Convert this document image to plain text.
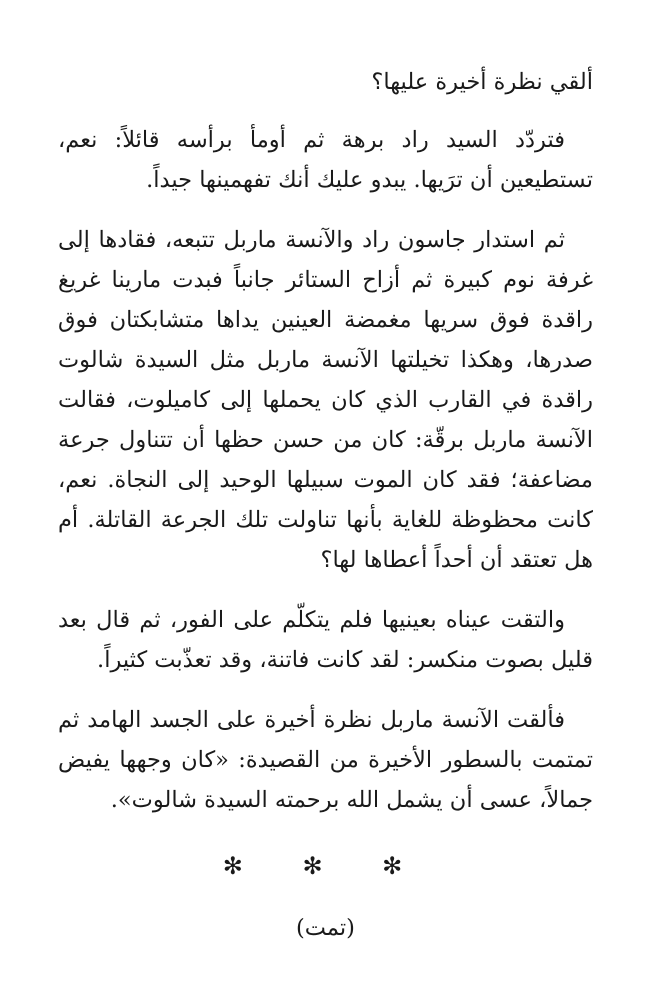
ألقي نظرة أخيرة عليها؟

فتردّد السيد راد برهة ثم أومأ برأسه قائلاً: نعم، تستطيعين أن ترَيها. يبدو عليك أنك تفهمينها جيداً.

ثم استدار جاسون راد والآنسة ماربل تتبعه، فقادها إلى غرفة نوم كبيرة ثم أزاح الستائر جانباً فبدت مارينا غريغ راقدة فوق سريها مغمضة العينين يداها متشابكتان فوق صدرها، وهكذا تخيلتها الآنسة ماربل مثل السيدة شالوت راقدة في القارب الذي كان يحملها إلى كاميلوت، فقالت الآنسة ماربل برقّة: كان من حسن حظها أن تتناول جرعة مضاعفة؛ فقد كان الموت سبيلها الوحيد إلى النجاة. نعم، كانت محظوظة للغاية بأنها تناولت تلك الجرعة القاتلة. أم هل تعتقد أن أحداً أعطاها لها؟

والتقت عيناه بعينيها فلم يتكلّم على الفور، ثم قال بعد قليل بصوت منكسر: لقد كانت فاتنة، وقد تعذّبت كثيراً.

فألقت الآنسة ماربل نظرة أخيرة على الجسد الهامد ثم تمتمت بالسطور الأخيرة من القصيدة: «كان وجهها يفيض جمالاً، عسى أن يشمل الله برحمته السيدة شالوت».

✻ ✻ ✻
(تمت)
